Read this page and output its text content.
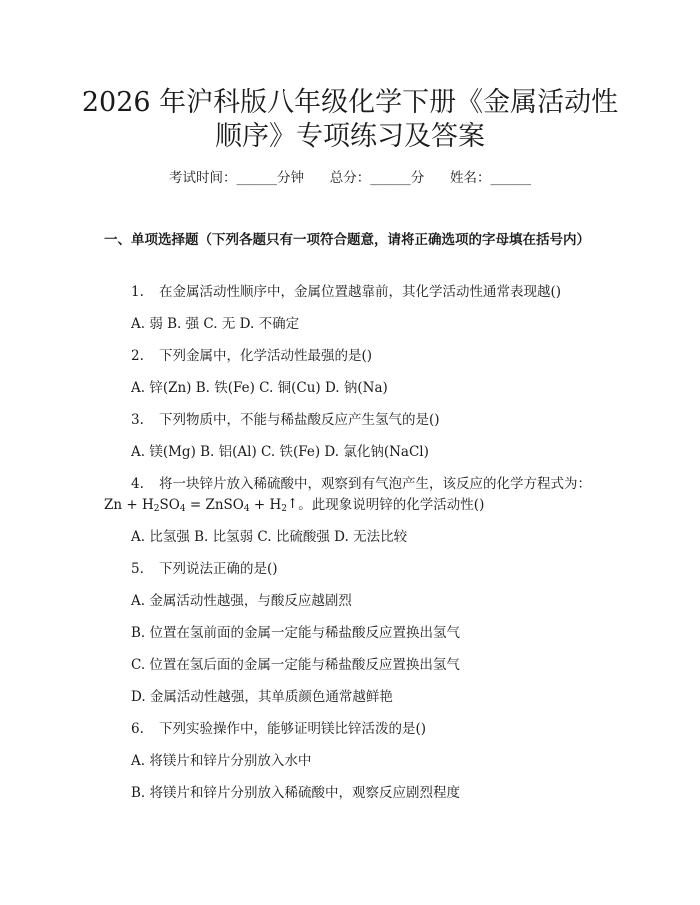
2026 年沪科版八年级化学下册《金属活动性
顺序》专项练习及答案
考试时间：______分钟 总分：______分 姓名：______
一、单项选择题（下列各题只有一项符合题意，请将正确选项的字母填在括号内）
1. 在金属活动性顺序中，金属位置越靠前，其化学活动性通常表现越()
A. 弱 B. 强 C. 无 D. 不确定
2. 下列金属中，化学活动性最强的是()
A. 锌(Zn) B. 铁(Fe) C. 铜(Cu) D. 钠(Na)
3. 下列物质中，不能与稀盐酸反应产生氢气的是()
A. 镁(Mg) B. 铝(Al) C. 铁(Fe) D. 氯化钠(NaCl)
4. 将一块锌片放入稀硫酸中，观察到有气泡产生，该反应的化学方程式为：
$Zn + H_2SO_4$ = ZnSO$_4$ + $H_2↑$。此现象说明锌的化学活动性()
A. 比氢强 B. 比氢弱 C. 比硫酸强 D. 无法比较
5. 下列说法正确的是()
A. 金属活动性越强，与酸反应越剧烈
B. 位置在氢前面的金属一定能与稀盐酸反应置换出氢气
C. 位置在氢后面的金属一定能与稀盐酸反应置换出氢气
D. 金属活动性越强，其单质颜色通常越鲜艳
6. 下列实验操作中，能够证明镁比锌活泼的是()
A. 将镁片和锌片分别放入水中
B. 将镁片和锌片分别放入稀硫酸中，观察反应剧烈程度
